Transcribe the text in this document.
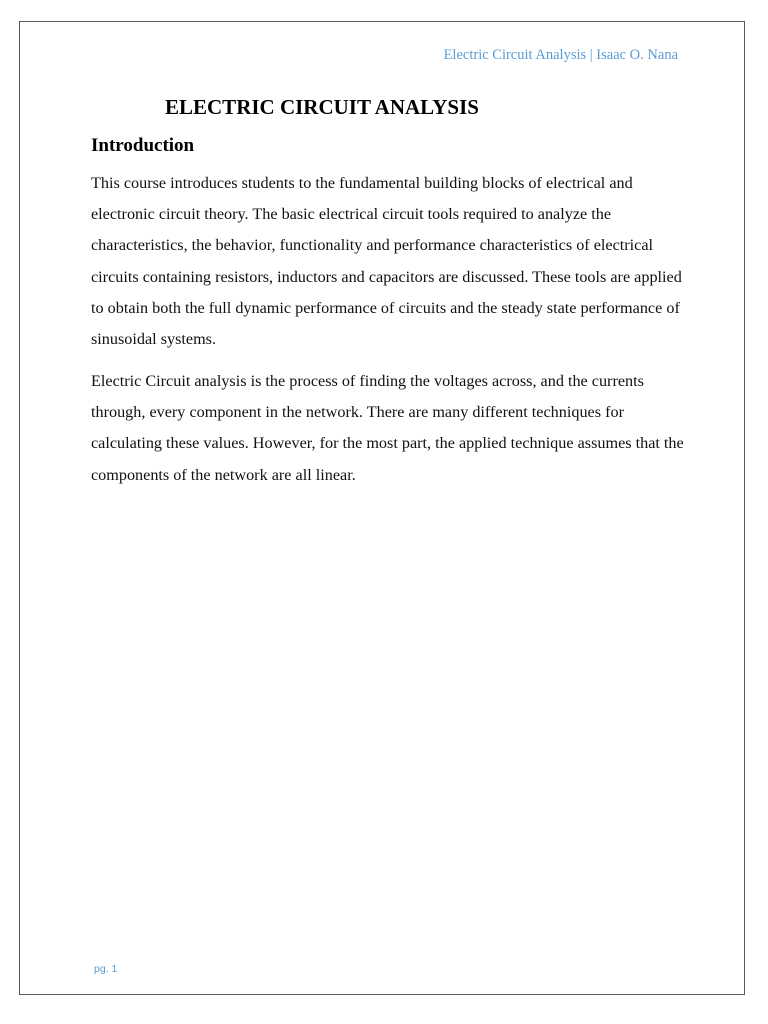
Electric Circuit Analysis | Isaac O. Nana
ELECTRIC CIRCUIT ANALYSIS
Introduction

This course introduces students to the fundamental building blocks of electrical and electronic circuit theory. The basic electrical circuit tools required to analyze the characteristics, the behavior, functionality and performance characteristics of electrical circuits containing resistors, inductors and capacitors are discussed. These tools are applied to obtain both the full dynamic performance of circuits and the steady state performance of sinusoidal systems.

Electric Circuit analysis is the process of finding the voltages across, and the currents through, every component in the network. There are many different techniques for calculating these values. However, for the most part, the applied technique assumes that the components of the network are all linear.

pg. 1
